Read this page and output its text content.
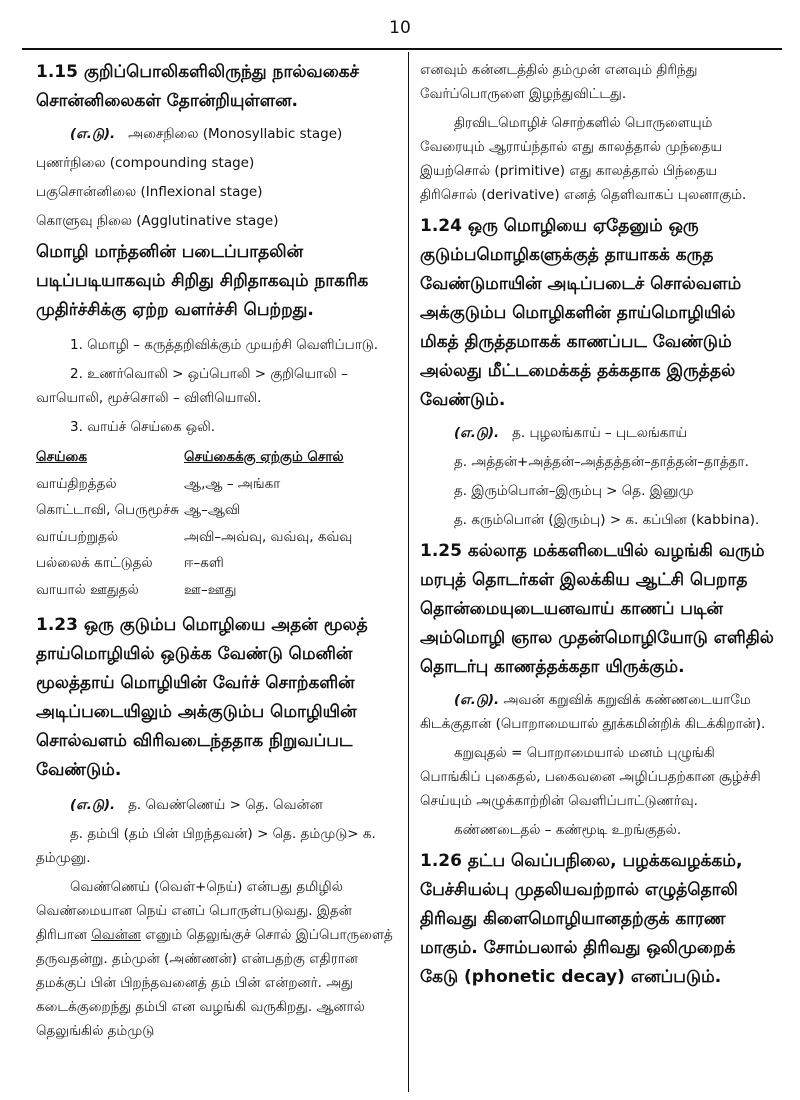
10

1.15 குறிப்பொலிகளிலிருந்து நால்வகைச் சொன்னிலைகள் தோன்றியுள்ளன.

(எ.டு). அசைநிலை (Monosyllabic stage)

புணர்நிலை (compounding stage)

பகுசொன்னிலை (Inflexional stage)

கொளுவு நிலை (Agglutinative stage)

மொழி மாந்தனின் படைப்பாதலின் படிப்படியாகவும் சிறிது சிறிதாகவும் நாகரிக முதிர்ச்சிக்கு ஏற்ற வளர்ச்சி பெற்றது.

1. மொழி – கருத்தறிவிக்கும் முயற்சி வெளிப்பாடு.

2. உணர்வொலி > ஒப்பொலி > குறியொலி – வாயொலி, மூச்சொலி – விளியொலி.

3. வாய்ச் செய்கை ஒலி.

செய்கை	செய்கைக்கு ஏற்கும் சொல்
வாய்திறத்தல்	ஆ,ஆ – அங்கா
கொட்டாவி, பெருமூச்சு ஆ–ஆவி
வாய்பற்றுதல்	அவி–அவ்வு, வவ்வு, கவ்வு
பல்லைக் காட்டுதல்	ஈ–களி
வாயால் ஊதுதல்	ஊ–ஊது

1.23 ஒரு குடும்ப மொழியை அதன் மூலத் தாய்மொழியில் ஒடுக்க வேண்டு மெனின் மூலத்தாய் மொழியின் வேர்ச் சொற்களின் அடிப்படையிலும் அக்குடும்ப மொழியின் சொல்வளம் விரிவடைந்ததாக நிறுவப்பட வேண்டும்.

(எ.டு). த. வெண்ணெய் > தெ. வென்ன

த. தம்பி (தம் பின் பிறந்தவன்) > தெ. தம்முடு> க. தம்முனு.

வெண்ணெய் (வெள்+நெய்) என்பது தமிழில் வெண்மையான நெய் எனப் பொருள்படுவது. இதன் திரிபான வென்ன எனும் தெலுங்குச் சொல் இப்பொருளைத் தருவதன்று. தம்முன் (அண்ணன்) என்பதற்கு எதிரான தமக்குப் பின் பிறந்தவனைத் தம் பின் என்றனர். அது கடைக்குறைந்து தம்பி என வழங்கி வருகிறது. ஆனால் தெலுங்கில் தம்முடு

எனவும் கன்னடத்தில் தம்முன் எனவும் திரிந்து வேர்ப்பொருளை இழந்துவிட்டது.

திரவிடமொழிச் சொற்களில் பொருளையும் வேரையும் ஆராய்ந்தால் எது காலத்தால் முந்தைய இயற்சொல் (primitive) எது காலத்தால் பிந்தைய திரிசொல் (derivative) எனத் தெளிவாகப் புலனாகும்.

1.24 ஒரு மொழியை ஏதேனும் ஒரு குடும்பமொழிகளுக்குத் தாயாகக் கருத வேண்டுமாயின் அடிப்படைச் சொல்வளம் அக்குடும்ப மொழிகளின் தாய்மொழியில் மிகத் திருத்தமாகக் காணப்பட வேண்டும் அல்லது மீட்டமைக்கத் தக்கதாக இருத்தல் வேண்டும்.

(எ.டு). த. புழலங்காய் – புடலங்காய்

த. அத்தன்+அத்தன்–அத்தத்தன்–தாத்தன்–தாத்தா.

த. இரும்பொன்–இரும்பு > தெ. இனுமு

த. கரும்பொன் (இரும்பு) > க. கப்பின (kabbina).

1.25 கல்லாத மக்களிடையில் வழங்கி வரும் மரபுத் தொடர்கள் இலக்கிய ஆட்சி பெறாத தொன்மையுடையனவாய் காணப் படின் அம்மொழி ஞால முதன்மொழியோடு எளிதில் தொடர்பு காணத்தக்கதா யிருக்கும்.

(எ.டு). அவன் கறுவிக் கறுவிக் கண்ணடையாமே கிடக்குதான் (பொறாமையால் தூக்கமின்றிக் கிடக்கிறான்).

கறுவுதல் = பொறாமையால் மனம் புழுங்கி பொங்கிப் புகைதல், பகைவனை அழிப்பதற்கான சூழ்ச்சி செய்யும் அழுக்காற்றின் வெளிப்பாட்டுணர்வு.

கண்ணடைதல் – கண்மூடி உறங்குதல்.

1.26 தட்ப வெப்பநிலை, பழக்கவழக்கம், பேச்சியல்பு முதலியவற்றால் எழுத்தொலி திரிவது கிளைமொழியானதற்குக் காரண மாகும். சோம்பலால் திரிவது ஒலிமுறைக் கேடு (phonetic decay) எனப்படும்.
